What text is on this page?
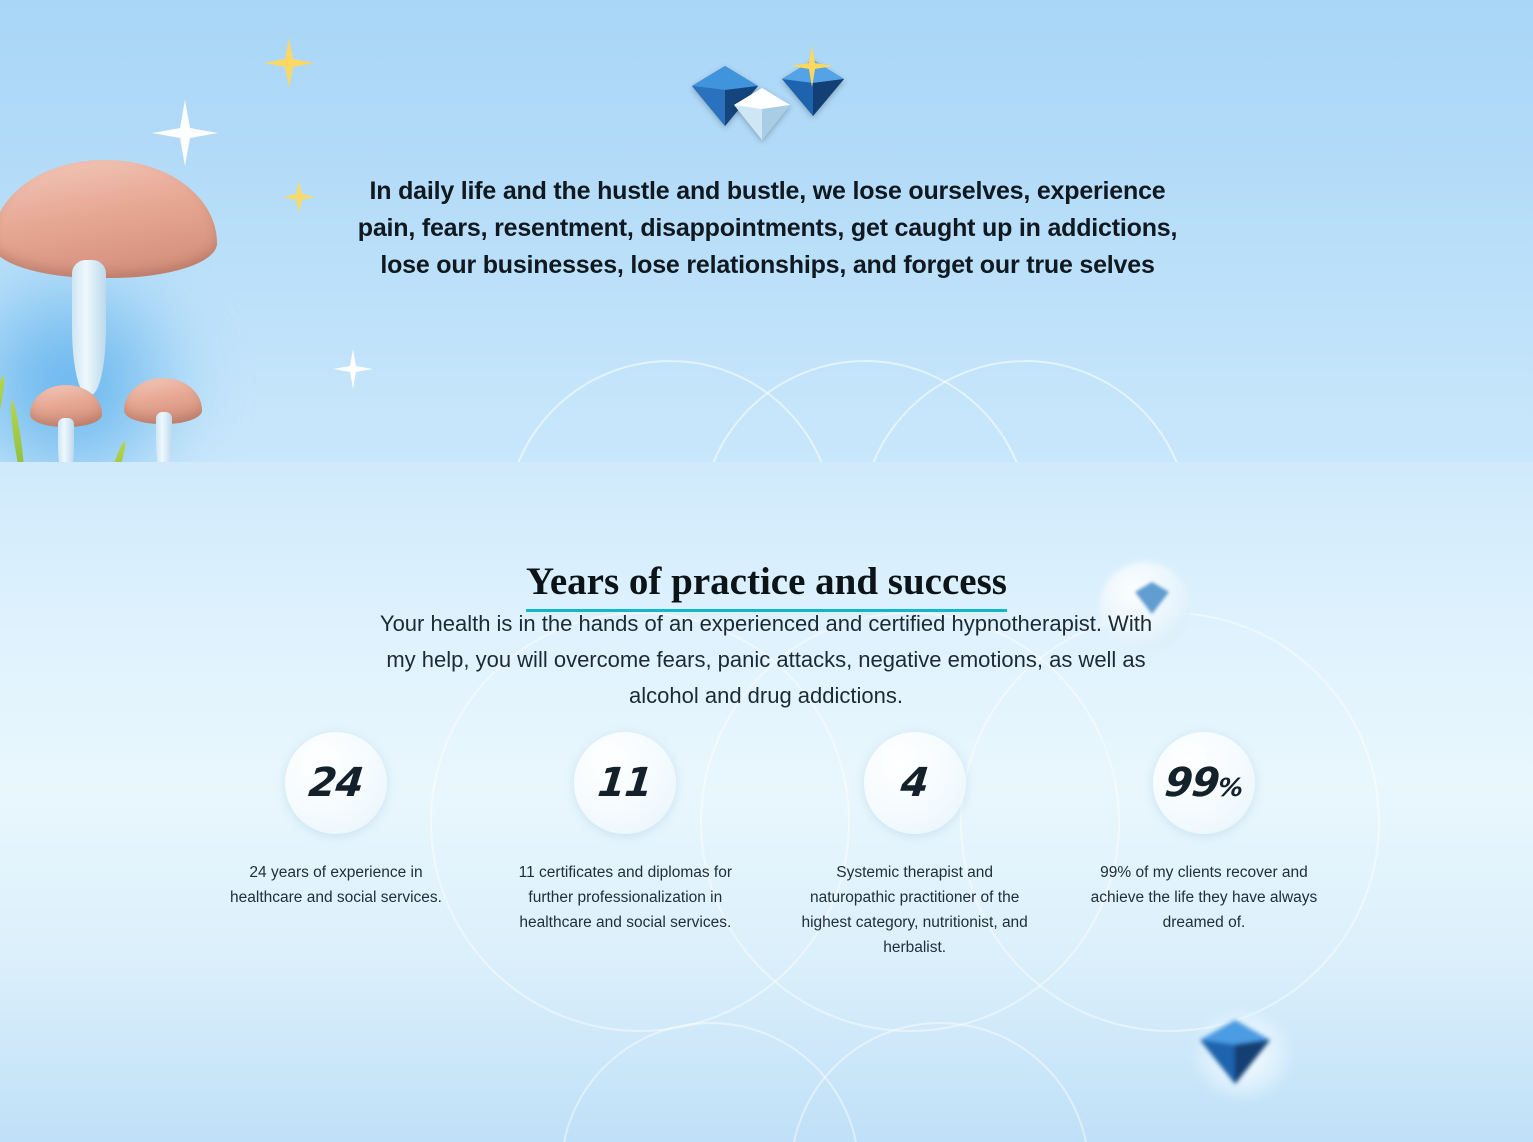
In daily life and the hustle and bustle, we lose ourselves, experience pain, fears, resentment, disappointments, get caught up in addictions, lose our businesses, lose relationships, and forget our true selves

Years of practice and success

Your health is in the hands of an experienced and certified hypnotherapist. With my help, you will overcome fears, panic attacks, negative emotions, as well as alcohol and drug addictions.

24
24 years of experience in healthcare and social services.
11
11 certificates and diplomas for further professionalization in healthcare and social services.
4
Systemic therapist and naturopathic practitioner of the highest category, nutritionist, and herbalist.
99%
99% of my clients recover and achieve the life they have always dreamed of.
